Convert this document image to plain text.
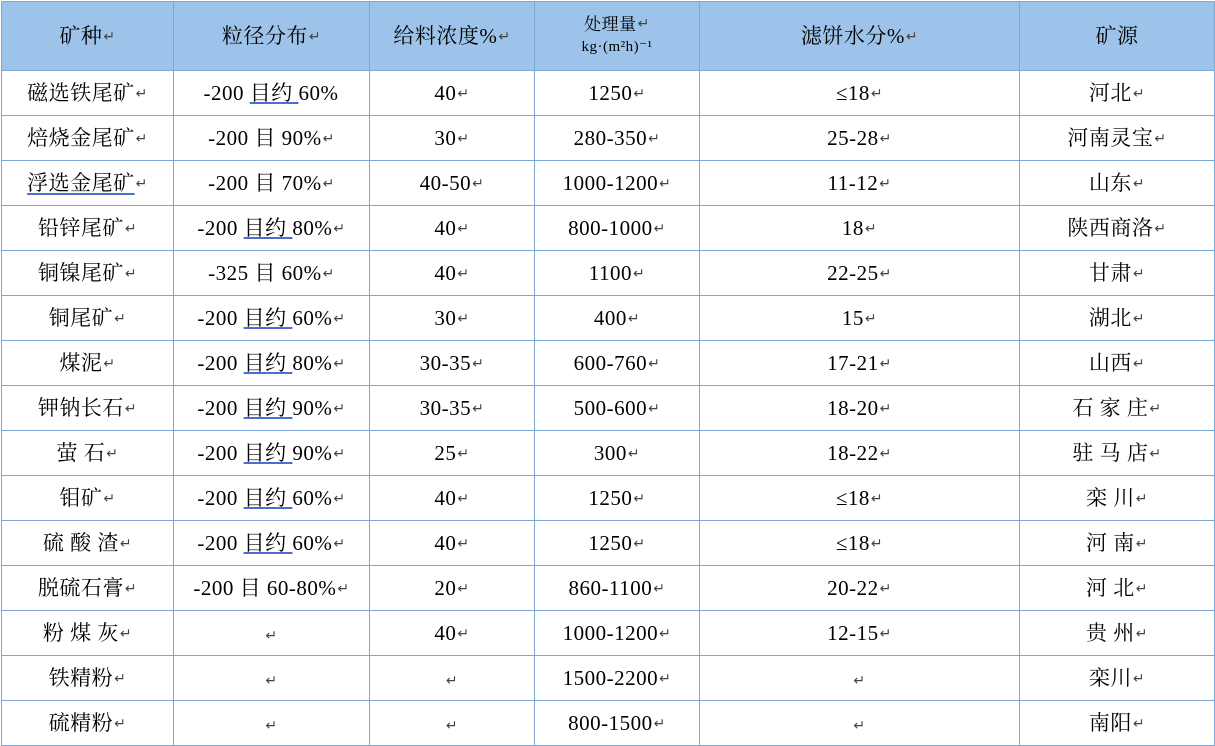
矿种↵	粒径分布↵	给料浓度%↵	处理量↵
kg·(m²h)⁻¹	滤饼水分%↵	矿源
磁选铁尾矿↵	-200 目约 60%	40↵	1250↵	≤18↵	河北↵
焙烧金尾矿↵	-200 目 90%↵	30↵	280-350↵	25-28↵	河南灵宝↵
浮选金尾矿↵	-200 目 70%↵	40-50↵	1000-1200↵	11-12↵	山东↵
铅锌尾矿↵	-200 目约 80%↵	40↵	800-1000↵	18↵	陕西商洛↵
铜镍尾矿↵	-325 目 60%↵	40↵	1100↵	22-25↵	甘肃↵
铜尾矿↵	-200 目约 60%↵	30↵	400↵	15↵	湖北↵
煤泥↵	-200 目约 80%↵	30-35↵	600-760↵	17-21↵	山西↵
钾钠长石↵	-200 目约 90%↵	30-35↵	500-600↵	18-20↵	石 家 庄↵
萤 石↵	-200 目约 90%↵	25↵	300↵	18-22↵	驻 马 店↵
钼矿↵	-200 目约 60%↵	40↵	1250↵	≤18↵	栾 川↵
硫 酸 渣↵	-200 目约 60%↵	40↵	1250↵	≤18↵	河 南↵
脱硫石膏↵	-200 目 60-80%↵	20↵	860-1100↵	20-22↵	河 北↵
粉 煤 灰↵	↵	40↵	1000-1200↵	12-15↵	贵 州↵
铁精粉↵	↵	↵	1500-2200↵	↵	栾川↵
硫精粉↵	↵	↵	800-1500↵	↵	南阳↵
